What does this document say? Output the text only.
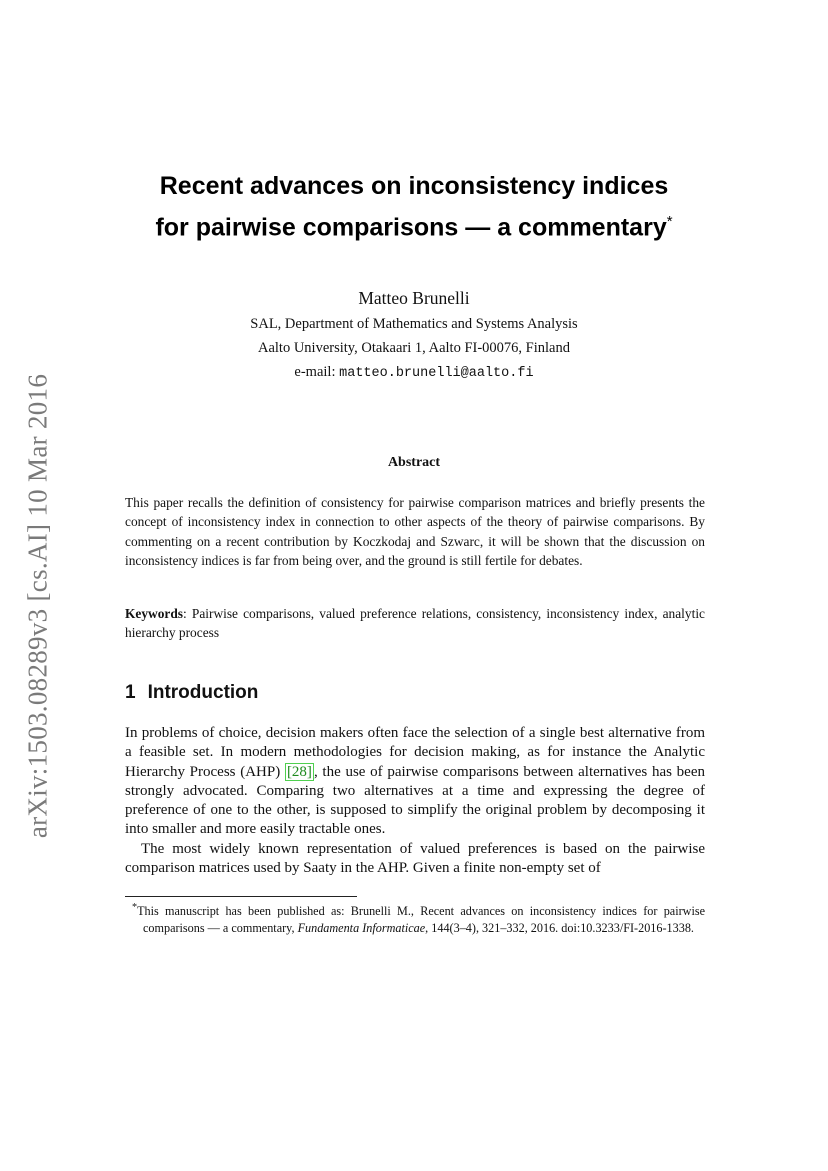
arXiv:1503.08289v3 [cs.AI] 10 Mar 2016
Recent advances on inconsistency indices
for pairwise comparisons — a commentary*
Matteo Brunelli
SAL, Department of Mathematics and Systems Analysis
Aalto University, Otakaari 1, Aalto FI-00076, Finland
e-mail: matteo.brunelli@aalto.fi
Abstract
This paper recalls the definition of consistency for pairwise comparison matrices and briefly presents the concept of inconsistency index in connection to other aspects of the theory of pairwise comparisons. By commenting on a recent contribution by Koczkodaj and Szwarc, it will be shown that the discussion on inconsistency indices is far from being over, and the ground is still fertile for debates.
Keywords: Pairwise comparisons, valued preference relations, consistency, inconsistency index, analytic hierarchy process
1 Introduction
In problems of choice, decision makers often face the selection of a single best alternative from a feasible set. In modern methodologies for decision making, as for instance the Analytic Hierarchy Process (AHP) [28] , the use of pairwise comparisons between alternatives has been strongly advocated. Comparing two alternatives at a time and expressing the degree of preference of one to the other, is supposed to simplify the original problem by decomposing it into smaller and more easily tractable ones.
The most widely known representation of valued preferences is based on the pairwise comparison matrices used by Saaty in the AHP. Given a finite non-empty set of
*This manuscript has been published as: Brunelli M., Recent advances on inconsistency indices for pairwise comparisons — a commentary, Fundamenta Informaticae, 144(3–4), 321–332, 2016. doi:10.3233/FI-2016-1338.
